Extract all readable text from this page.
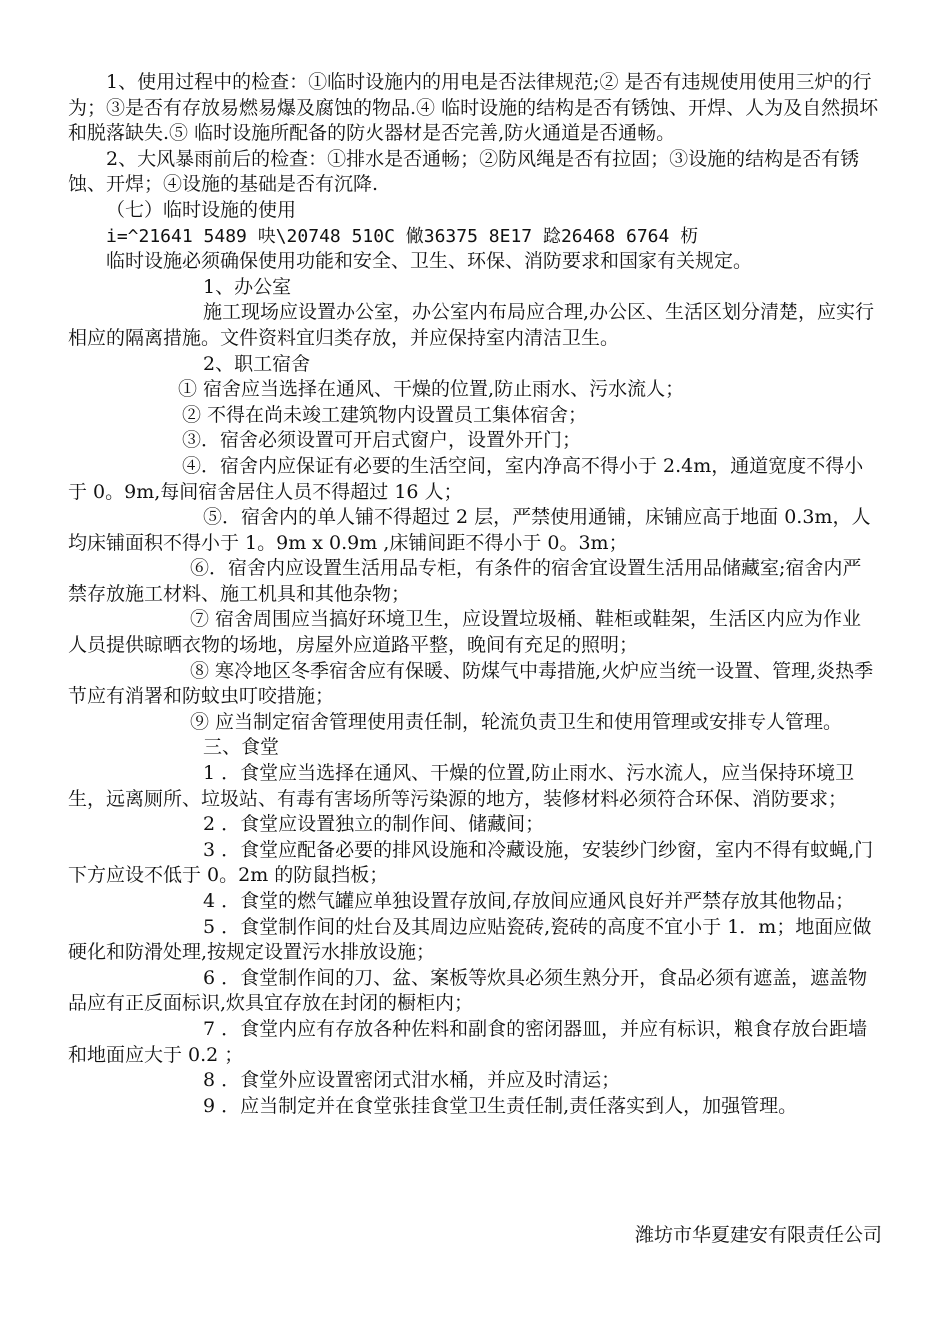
1、使用过程中的检查：①临时设施内的用电是否法律规范;② 是否有违规使用使用三炉的行为；③是否有存放易燃易爆及腐蚀的物品.④ 临时设施的结构是否有锈蚀、开焊、人为及自然损坏和脱落缺失.⑤ 临时设施所配备的防火器材是否完善,防火通道是否通畅。

2、大风暴雨前后的检查：①排水是否通畅；②防风绳是否有拉固；③设施的结构是否有锈蚀、开焊；④设施的基础是否有沉降.

（七）临时设施的使用

i=^21641 5489 吷\20748 510C 僘36375 8E17 踗26468 6764 杤

临时设施必须确保使用功能和安全、卫生、环保、消防要求和国家有关规定。

1、办公室

施工现场应设置办公室，办公室内布局应合理,办公区、生活区划分清楚，应实行相应的隔离措施。文件资料宜归类存放，并应保持室内清洁卫生。

2、职工宿舍

① 宿舍应当选择在通风、干燥的位置,防止雨水、污水流人；

② 不得在尚未竣工建筑物内设置员工集体宿舍；

③．宿舍必须设置可开启式窗户，设置外开门；

④．宿舍内应保证有必要的生活空间，室内净高不得小于 2.4m，通道宽度不得小于 0。9m,每间宿舍居住人员不得超过 16 人；

⑤．宿舍内的单人铺不得超过 2 层，严禁使用通铺，床铺应高于地面 0.3m，人均床铺面积不得小于 1。9m x 0.9m ,床铺间距不得小于 0。3m；

⑥．宿舍内应设置生活用品专柜，有条件的宿舍宜设置生活用品储藏室;宿舍内严禁存放施工材料、施工机具和其他杂物；

⑦ 宿舍周围应当搞好环境卫生，应设置垃圾桶、鞋柜或鞋架，生活区内应为作业人员提供晾晒衣物的场地，房屋外应道路平整，晚间有充足的照明；

⑧ 寒冷地区冬季宿舍应有保暖、防煤气中毒措施,火炉应当统一设置、管理,炎热季节应有消署和防蚊虫叮咬措施；

⑨ 应当制定宿舍管理使用责任制，轮流负责卫生和使用管理或安排专人管理。

三、食堂

1 ．食堂应当选择在通风、干燥的位置,防止雨水、污水流人，应当保持环境卫生，远离厕所、垃圾站、有毒有害场所等污染源的地方，装修材料必须符合环保、消防要求；

2 ．食堂应设置独立的制作间、储藏间；

3 ．食堂应配备必要的排风设施和冷藏设施，安装纱门纱窗，室内不得有蚊蝇,门下方应设不低于 0。2m 的防鼠挡板；

4 ．食堂的燃气罐应单独设置存放间,存放间应通风良好并严禁存放其他物品；

5 ．食堂制作间的灶台及其周边应贴瓷砖,瓷砖的高度不宜小于 1．m；地面应做硬化和防滑处理,按规定设置污水排放设施；

6 ．食堂制作间的刀、盆、案板等炊具必须生熟分开，食品必须有遮盖，遮盖物品应有正反面标识,炊具宜存放在封闭的橱柜内；

7 ．食堂内应有存放各种佐料和副食的密闭器皿，并应有标识，粮食存放台距墙和地面应大于 0.2 ；

8 ．食堂外应设置密闭式泔水桶，并应及时清运；

9 ．应当制定并在食堂张挂食堂卫生责任制,责任落实到人，加强管理。

潍坊市华夏建安有限责任公司
